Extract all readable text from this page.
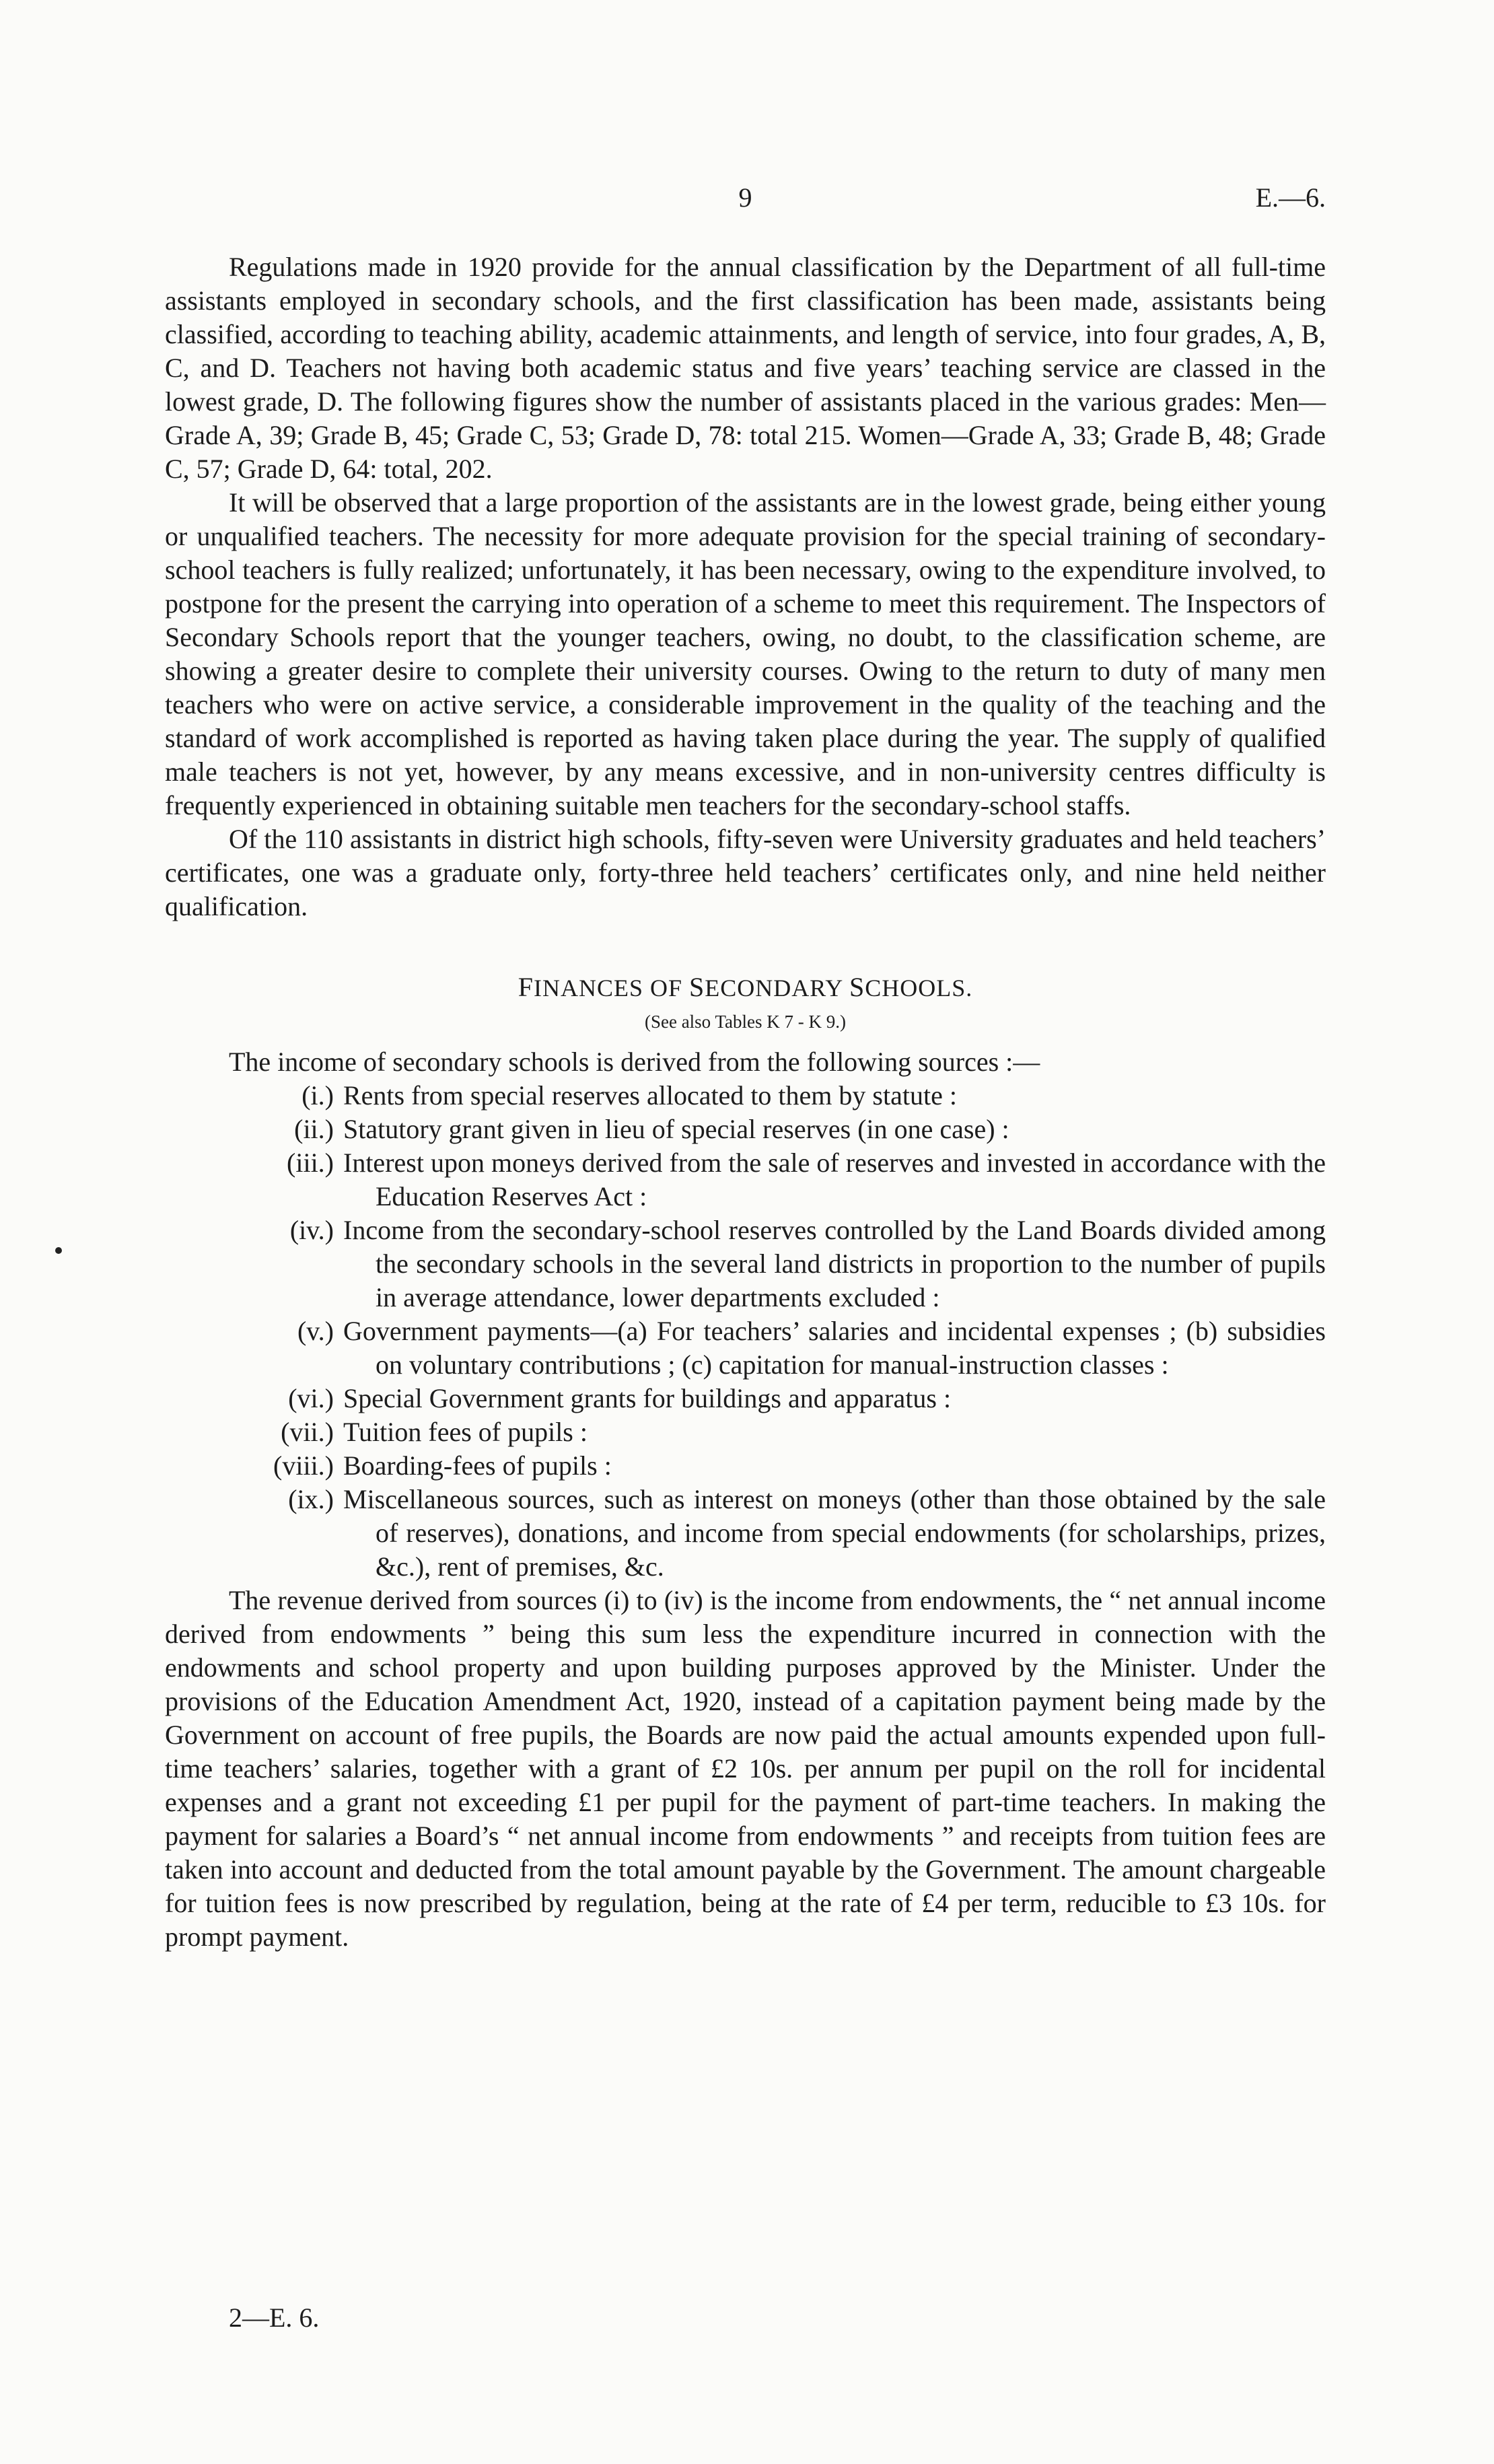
9	E.—6.

Regulations made in 1920 provide for the annual classification by the Department of all full-time assistants employed in secondary schools, and the first classification has been made, assistants being classified, according to teaching ability, academic attainments, and length of service, into four grades, A, B, C, and D. Teachers not having both academic status and five years’ teaching service are classed in the lowest grade, D. The following figures show the number of assistants placed in the various grades: Men—Grade A, 39; Grade B, 45; Grade C, 53; Grade D, 78: total 215. Women—Grade A, 33; Grade B, 48; Grade C, 57; Grade D, 64: total, 202.

It will be observed that a large proportion of the assistants are in the lowest grade, being either young or unqualified teachers. The necessity for more adequate provision for the special training of secondary-school teachers is fully realized; unfortunately, it has been necessary, owing to the expenditure involved, to postpone for the present the carrying into operation of a scheme to meet this requirement. The Inspectors of Secondary Schools report that the younger teachers, owing, no doubt, to the classification scheme, are showing a greater desire to complete their university courses. Owing to the return to duty of many men teachers who were on active service, a considerable improvement in the quality of the teaching and the standard of work accomplished is reported as having taken place during the year. The supply of qualified male teachers is not yet, however, by any means excessive, and in non-university centres difficulty is frequently experienced in obtaining suitable men teachers for the secondary-school staffs.

Of the 110 assistants in district high schools, fifty-seven were University graduates and held teachers’ certificates, one was a graduate only, forty-three held teachers’ certificates only, and nine held neither qualification.

FINANCES OF SECONDARY SCHOOLS.
(See also Tables K 7 - K 9.)

The income of secondary schools is derived from the following sources :—

(i.) Rents from special reserves allocated to them by statute :
(ii.) Statutory grant given in lieu of special reserves (in one case) :
(iii.) Interest upon moneys derived from the sale of reserves and invested in accordance with the Education Reserves Act :
(iv.) Income from the secondary-school reserves controlled by the Land Boards divided among the secondary schools in the several land districts in proportion to the number of pupils in average attendance, lower departments excluded :
(v.) Government payments—(a) For teachers’ salaries and incidental expenses ; (b) subsidies on voluntary contributions ; (c) capitation for manual-instruction classes :
(vi.) Special Government grants for buildings and apparatus :
(vii.) Tuition fees of pupils :
(viii.) Boarding-fees of pupils :
(ix.) Miscellaneous sources, such as interest on moneys (other than those obtained by the sale of reserves), donations, and income from special endowments (for scholarships, prizes, &c.), rent of premises, &c.

The revenue derived from sources (i) to (iv) is the income from endowments, the “ net annual income derived from endowments ” being this sum less the expenditure incurred in connection with the endowments and school property and upon building purposes approved by the Minister. Under the provisions of the Education Amendment Act, 1920, instead of a capitation payment being made by the Government on account of free pupils, the Boards are now paid the actual amounts expended upon full-time teachers’ salaries, together with a grant of £2 10s. per annum per pupil on the roll for incidental expenses and a grant not exceeding £1 per pupil for the payment of part-time teachers. In making the payment for salaries a Board’s “ net annual income from endowments ” and receipts from tuition fees are taken into account and deducted from the total amount payable by the Government. The amount chargeable for tuition fees is now prescribed by regulation, being at the rate of £4 per term, reducible to £3 10s. for prompt payment.

2—E. 6.
